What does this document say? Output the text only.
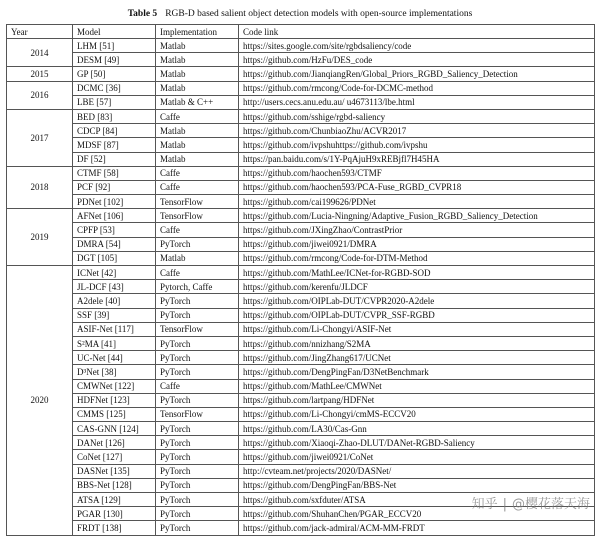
Table 5 RGB-D based salient object detection models with open-source implementations
Year	Model	Implementation	Code link
2014	LHM [51]	Matlab	https://sites.google.com/site/rgbdsaliency/code
	DESM [49]	Matlab	https://github.com/HzFu/DES_code
2015	GP [50]	Matlab	https://github.com/JianqiangRen/Global_Priors_RGBD_Saliency_Detection
2016	DCMC [36]	Matlab	https://github.com/rmcong/Code-for-DCMC-method
	LBE [57]	Matlab & C++	http://users.cecs.anu.edu.au/ u4673113/lbe.html
2017	BED [83]	Caffe	https://github.com/sshige/rgbd-saliency
	CDCP [84]	Matlab	https://github.com/ChunbiaoZhu/ACVR2017
	MDSF [87]	Matlab	https://github.com/ivpshuhttps://github.com/ivpshu
	DF [52]	Matlab	https://pan.baidu.com/s/1Y-PqAjuH9xREBjfl7H45HA
2018	CTMF [58]	Caffe	https://github.com/haochen593/CTMF
	PCF [92]	Caffe	https://github.com/haochen593/PCA-Fuse_RGBD_CVPR18
	PDNet [102]	TensorFlow	https://github.com/cai199626/PDNet
2019	AFNet [106]	TensorFlow	https://github.com/Lucia-Ningning/Adaptive_Fusion_RGBD_Saliency_Detection
	CPFP [53]	Caffe	https://github.com/JXingZhao/ContrastPrior
	DMRA [54]	PyTorch	https://github.com/jiwei0921/DMRA
	DGT [105]	Matlab	https://github.com/rmcong/Code-for-DTM-Method
2020	ICNet [42]	Caffe	https://github.com/MathLee/ICNet-for-RGBD-SOD
	JL-DCF [43]	Pytorch, Caffe	https://github.com/kerenfu/JLDCF
	A2dele [40]	PyTorch	https://github.com/OIPLab-DUT/CVPR2020-A2dele
	SSF [39]	PyTorch	https://github.com/OIPLab-DUT/CVPR_SSF-RGBD
	ASIF-Net [117]	TensorFlow	https://github.com/Li-Chongyi/ASIF-Net
	S²MA [41]	PyTorch	https://github.com/nnizhang/S2MA
	UC-Net [44]	PyTorch	https://github.com/JingZhang617/UCNet
	D³Net [38]	PyTorch	https://github.com/DengPingFan/D3NetBenchmark
	CMWNet [122]	Caffe	https://github.com/MathLee/CMWNet
	HDFNet [123]	PyTorch	https://github.com/lartpang/HDFNet
	CMMS [125]	TensorFlow	https://github.com/Li-Chongyi/cmMS-ECCV20
	CAS-GNN [124]	PyTorch	https://github.com/LA30/Cas-Gnn
	DANet [126]	PyTorch	https://github.com/Xiaoqi-Zhao-DLUT/DANet-RGBD-Saliency
	CoNet [127]	PyTorch	https://github.com/jiwei0921/CoNet
	DASNet [135]	PyTorch	http://cvteam.net/projects/2020/DASNet/
	BBS-Net [128]	PyTorch	https://github.com/DengPingFan/BBS-Net
	ATSA [129]	PyTorch	https://github.com/sxfduter/ATSA
	PGAR [130]	PyTorch	https://github.com/ShuhanChen/PGAR_ECCV20
	FRDT [138]	PyTorch	https://github.com/jack-admiral/ACM-MM-FRDT
知乎 | @樱花落天海
